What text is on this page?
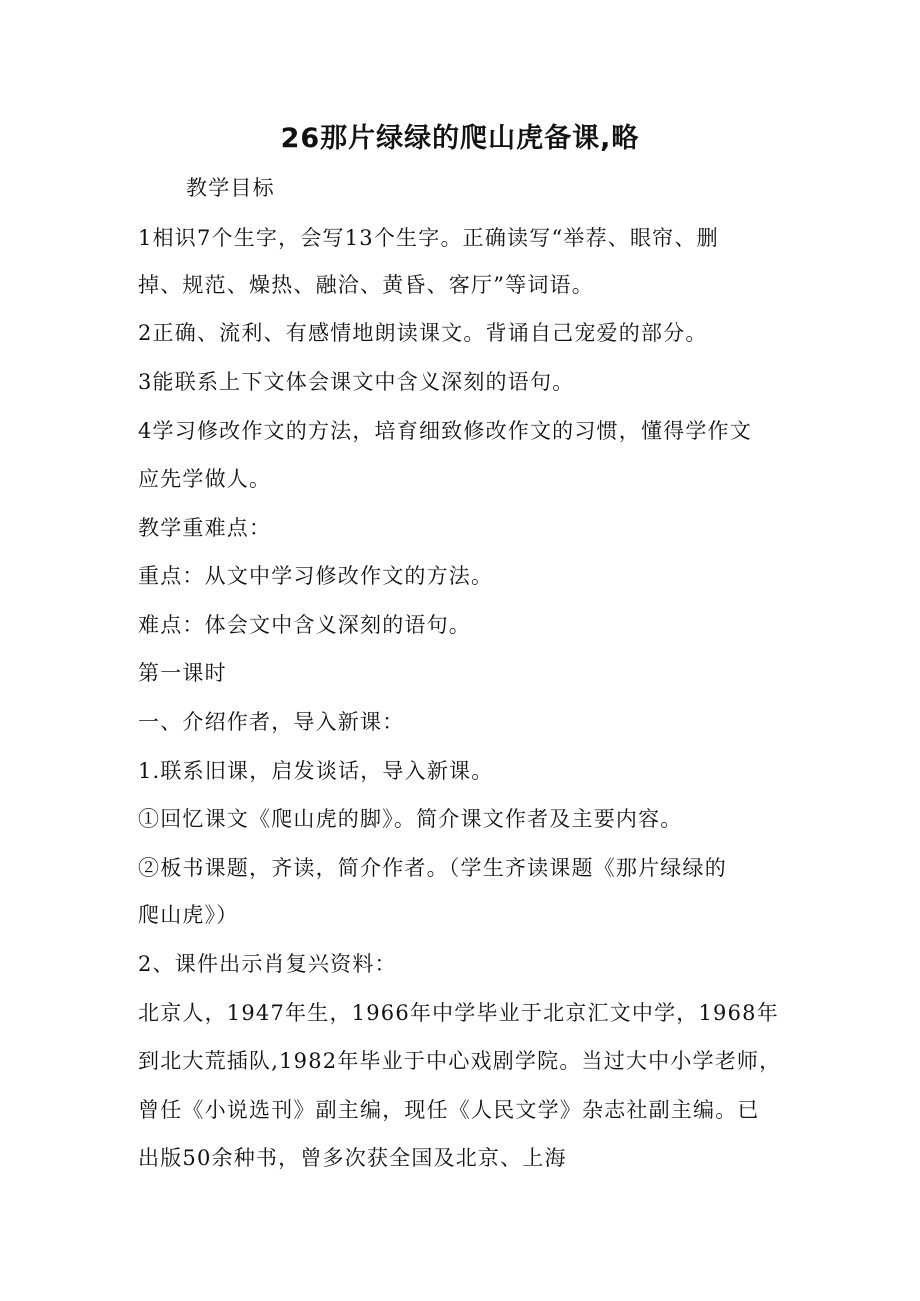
26那片绿绿的爬山虎备课,略
教学目标
1相识7个生字，会写13个生字。正确读写“举荐、眼帘、删
掉、规范、燥热、融洽、黄昏、客厅”等词语。
2正确、流利、有感情地朗读课文。背诵自己宠爱的部分。
3能联系上下文体会课文中含义深刻的语句。
4学习修改作文的方法，培育细致修改作文的习惯，懂得学作文
应先学做人。
教学重难点：
重点：从文中学习修改作文的方法。
难点：体会文中含义深刻的语句。
第一课时
一、介绍作者，导入新课：
1.联系旧课，启发谈话，导入新课。
①回忆课文《爬山虎的脚》。简介课文作者及主要内容。
②板书课题，齐读，简介作者。（学生齐读课题《那片绿绿的
爬山虎》）
2、课件出示肖复兴资料：
北京人，1947年生，1966年中学毕业于北京汇文中学，1968年
到北大荒插队,1982年毕业于中心戏剧学院。当过大中小学老师，
曾任《小说选刊》副主编，现任《人民文学》杂志社副主编。已
出版50余种书，曾多次获全国及北京、上海
